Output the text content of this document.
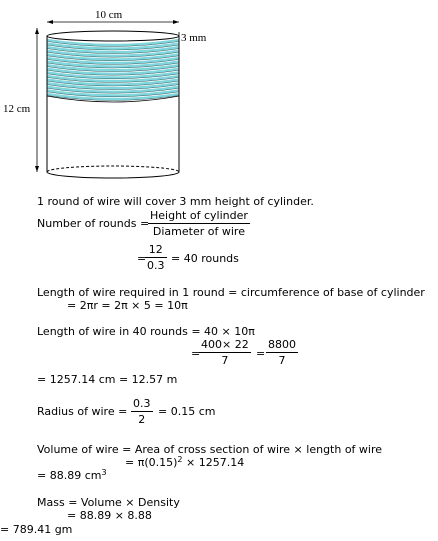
10 cm
3 mm
12 cm
1 round of wire will cover 3 mm height of cylinder.
Number of rounds =
Height of cylinder
Diameter of wire
=
$\frac{12}{0.3} = 40$ rounds
Length of wire required in 1 round = circumference of base of cylinder
= 2πr = 2π × 5 = 10π
Length of wire in 40 rounds = 40 × 10π
=
$\frac{400\times 22}{7} = \frac{8800}{7}$
= 1257.14 cm = 12.57 m
Radius of wire = $\frac{0.3}{2} = 0.15$ cm
Volume of wire = Area of cross section of wire × length of wire
= $\pi(0.15)^2 \times 1257.14$
= 88.89 $cm^3$
Mass = Volume × Density
= 88.89 × 8.88
= 789.41 gm
